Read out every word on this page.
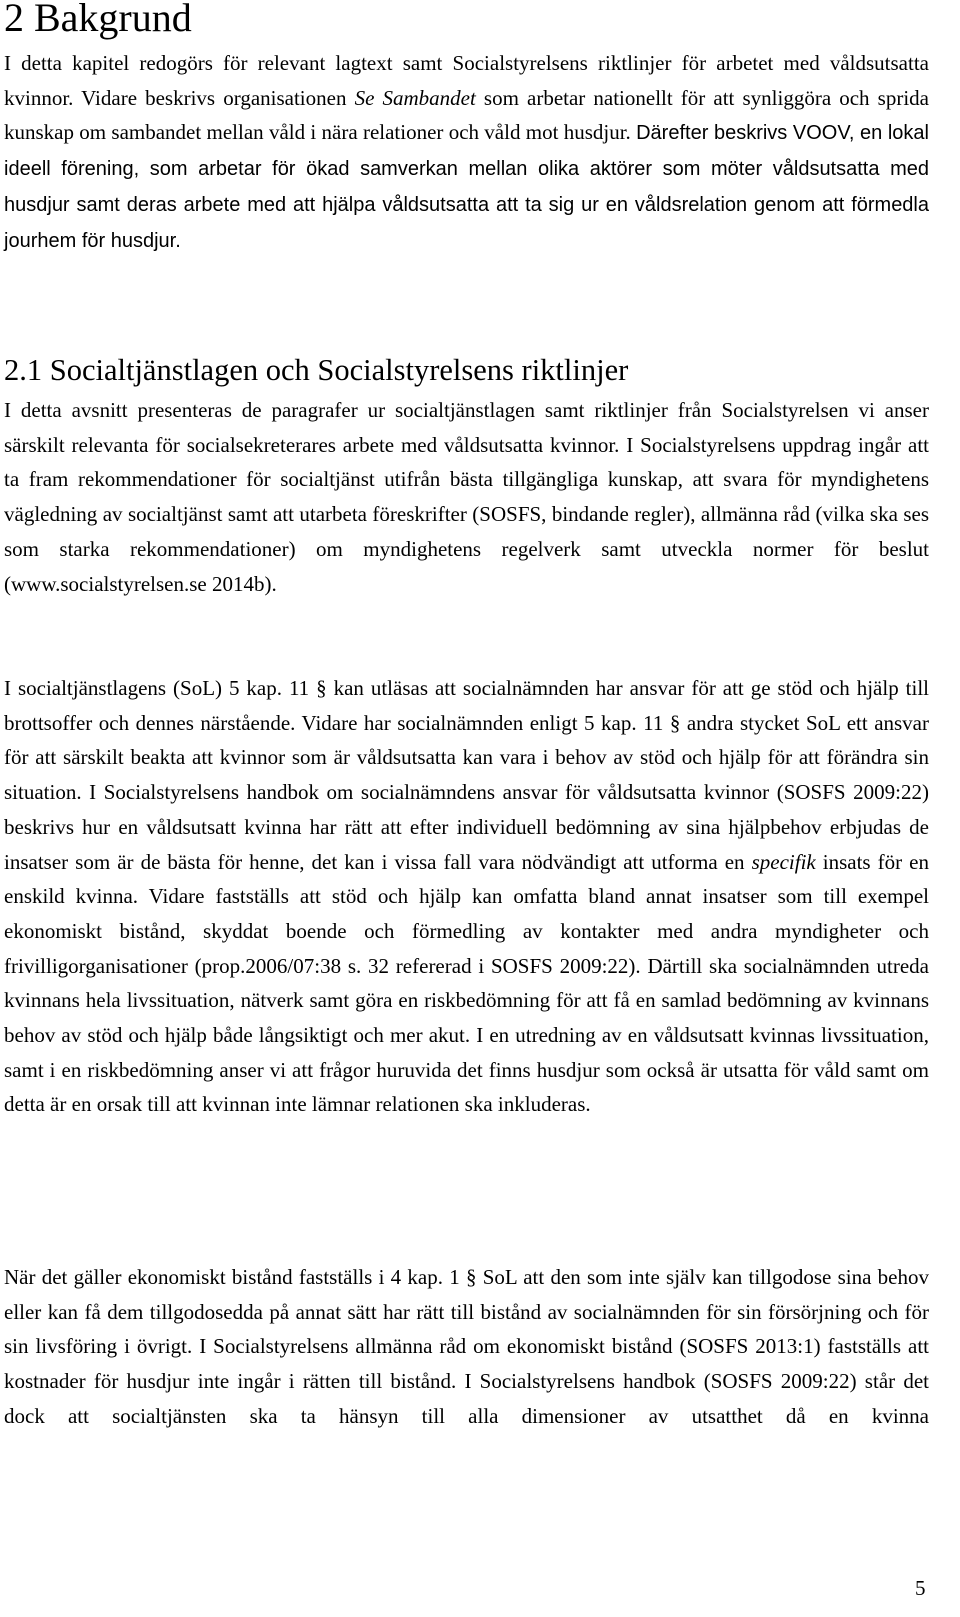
2 Bakgrund

I detta kapitel redogörs för relevant lagtext samt Socialstyrelsens riktlinjer för arbetet med våldsutsatta kvinnor. Vidare beskrivs organisationen Se Sambandet som arbetar nationellt för att synliggöra och sprida kunskap om sambandet mellan våld i nära relationer och våld mot husdjur. Därefter beskrivs VOOV, en lokal ideell förening, som arbetar för ökad samverkan mellan olika aktörer som möter våldsutsatta med husdjur samt deras arbete med att hjälpa våldsutsatta att ta sig ur en våldsrelation genom att förmedla jourhem för husdjur.

2.1 Socialtjänstlagen och Socialstyrelsens riktlinjer

I detta avsnitt presenteras de paragrafer ur socialtjänstlagen samt riktlinjer från Socialstyrelsen vi anser särskilt relevanta för socialsekreterares arbete med våldsutsatta kvinnor. I Socialstyrelsens uppdrag ingår att ta fram rekommendationer för socialtjänst utifrån bästa tillgängliga kunskap, att svara för myndighetens vägledning av socialtjänst samt att utarbeta föreskrifter (SOSFS, bindande regler), allmänna råd (vilka ska ses som starka rekommendationer) om myndighetens regelverk samt utveckla normer för beslut (www.socialstyrelsen.se 2014b).

I socialtjänstlagens (SoL) 5 kap. 11 § kan utläsas att socialnämnden har ansvar för att ge stöd och hjälp till brottsoffer och dennes närstående. Vidare har socialnämnden enligt 5 kap. 11 § andra stycket SoL ett ansvar för att särskilt beakta att kvinnor som är våldsutsatta kan vara i behov av stöd och hjälp för att förändra sin situation. I Socialstyrelsens handbok om socialnämndens ansvar för våldsutsatta kvinnor (SOSFS 2009:22) beskrivs hur en våldsutsatt kvinna har rätt att efter individuell bedömning av sina hjälpbehov erbjudas de insatser som är de bästa för henne, det kan i vissa fall vara nödvändigt att utforma en specifik insats för en enskild kvinna. Vidare fastställs att stöd och hjälp kan omfatta bland annat insatser som till exempel ekonomiskt bistånd, skyddat boende och förmedling av kontakter med andra myndigheter och frivilligorganisationer (prop.2006/07:38 s. 32 refererad i SOSFS 2009:22). Därtill ska socialnämnden utreda kvinnans hela livssituation, nätverk samt göra en riskbedömning för att få en samlad bedömning av kvinnans behov av stöd och hjälp både långsiktigt och mer akut. I en utredning av en våldsutsatt kvinnas livssituation, samt i en riskbedömning anser vi att frågor huruvida det finns husdjur som också är utsatta för våld samt om detta är en orsak till att kvinnan inte lämnar relationen ska inkluderas.

När det gäller ekonomiskt bistånd fastställs i 4 kap. 1 § SoL att den som inte själv kan tillgodose sina behov eller kan få dem tillgodosedda på annat sätt har rätt till bistånd av socialnämnden för sin försörjning och för sin livsföring i övrigt. I Socialstyrelsens allmänna råd om ekonomiskt bistånd (SOSFS 2013:1) fastställs att kostnader för husdjur inte ingår i rätten till bistånd. I Socialstyrelsens handbok (SOSFS 2009:22) står det dock att socialtjänsten ska ta hänsyn till alla dimensioner av utsatthet då en kvinna

5
